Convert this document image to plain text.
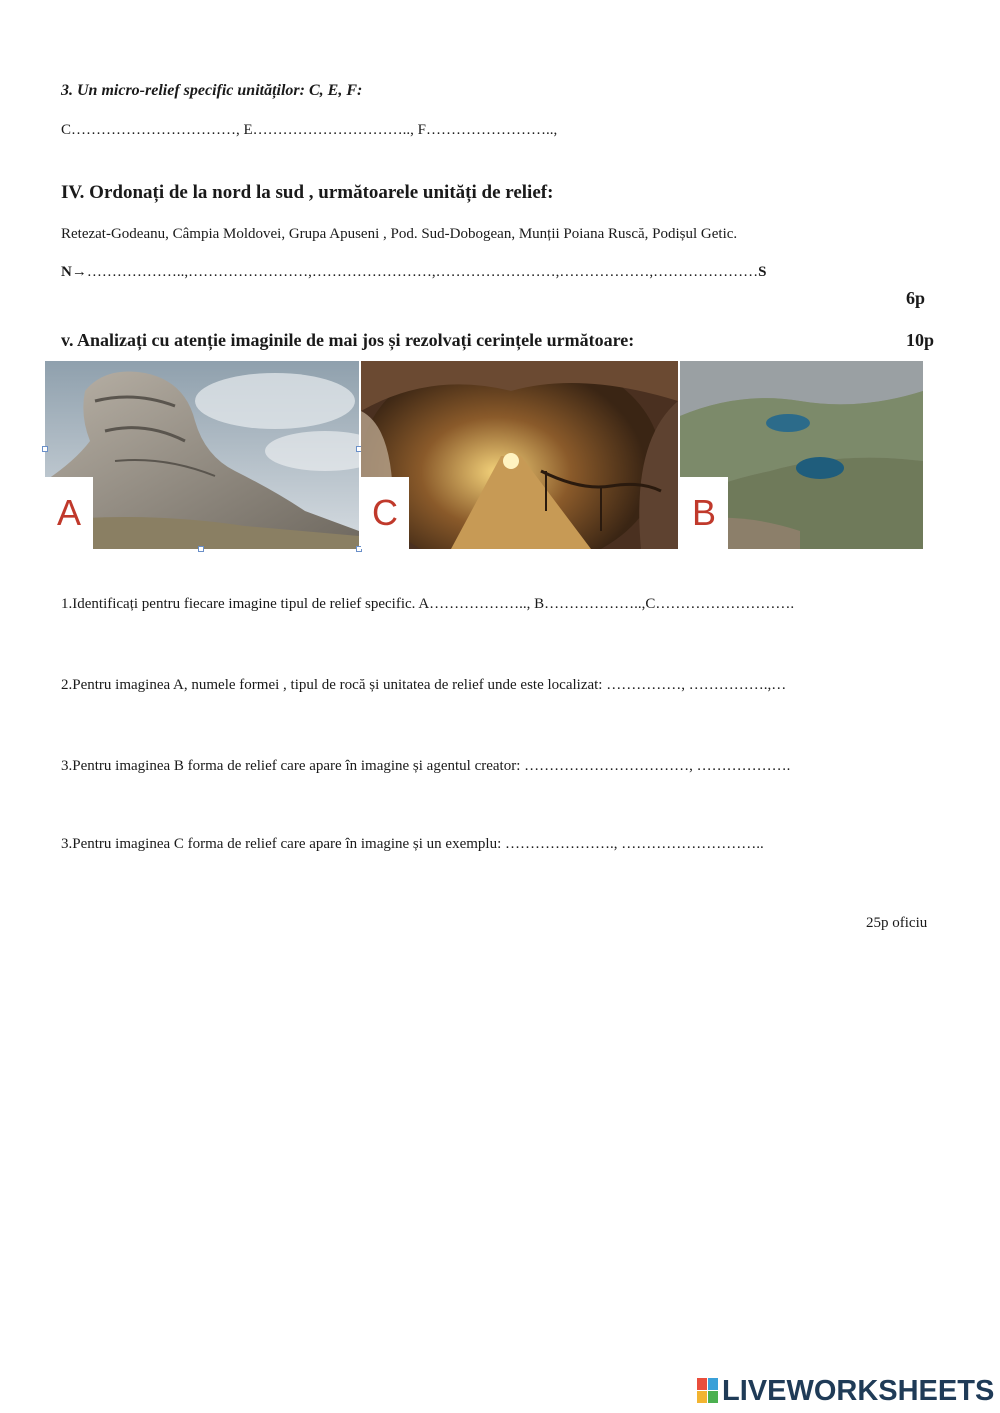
3. Un micro-relief specific unităților: C, E, F:
C……………………………, E………………………….., F……………………..,
IV. Ordonați de la nord la sud , următoarele unități de relief:
Retezat-Godeanu, Câmpia Moldovei, Grupa Apuseni , Pod. Sud-Dobogean, Munții Poiana Ruscă, Podișul Getic.
N→………………..,……………………,……………………,……………………,………………,…………………S
6p
v. Analizați cu atenție imaginile de mai jos și rezolvați cerințele următoare:	10p
A	C	B
1.Identificați pentru fiecare imagine tipul de relief specific. A……………….., B………………..,C……………………….
2.Pentru imaginea A, numele formei , tipul de rocă și unitatea de relief unde este localizat: ……………, …………….,…
3.Pentru imaginea B forma de relief care apare în imagine și agentul creator: ……………………………, ……………….
3.Pentru imaginea C forma de relief care apare în imagine și un exemplu: …………………., ………………………..
25p oficiu
LIVEWORKSHEETS
